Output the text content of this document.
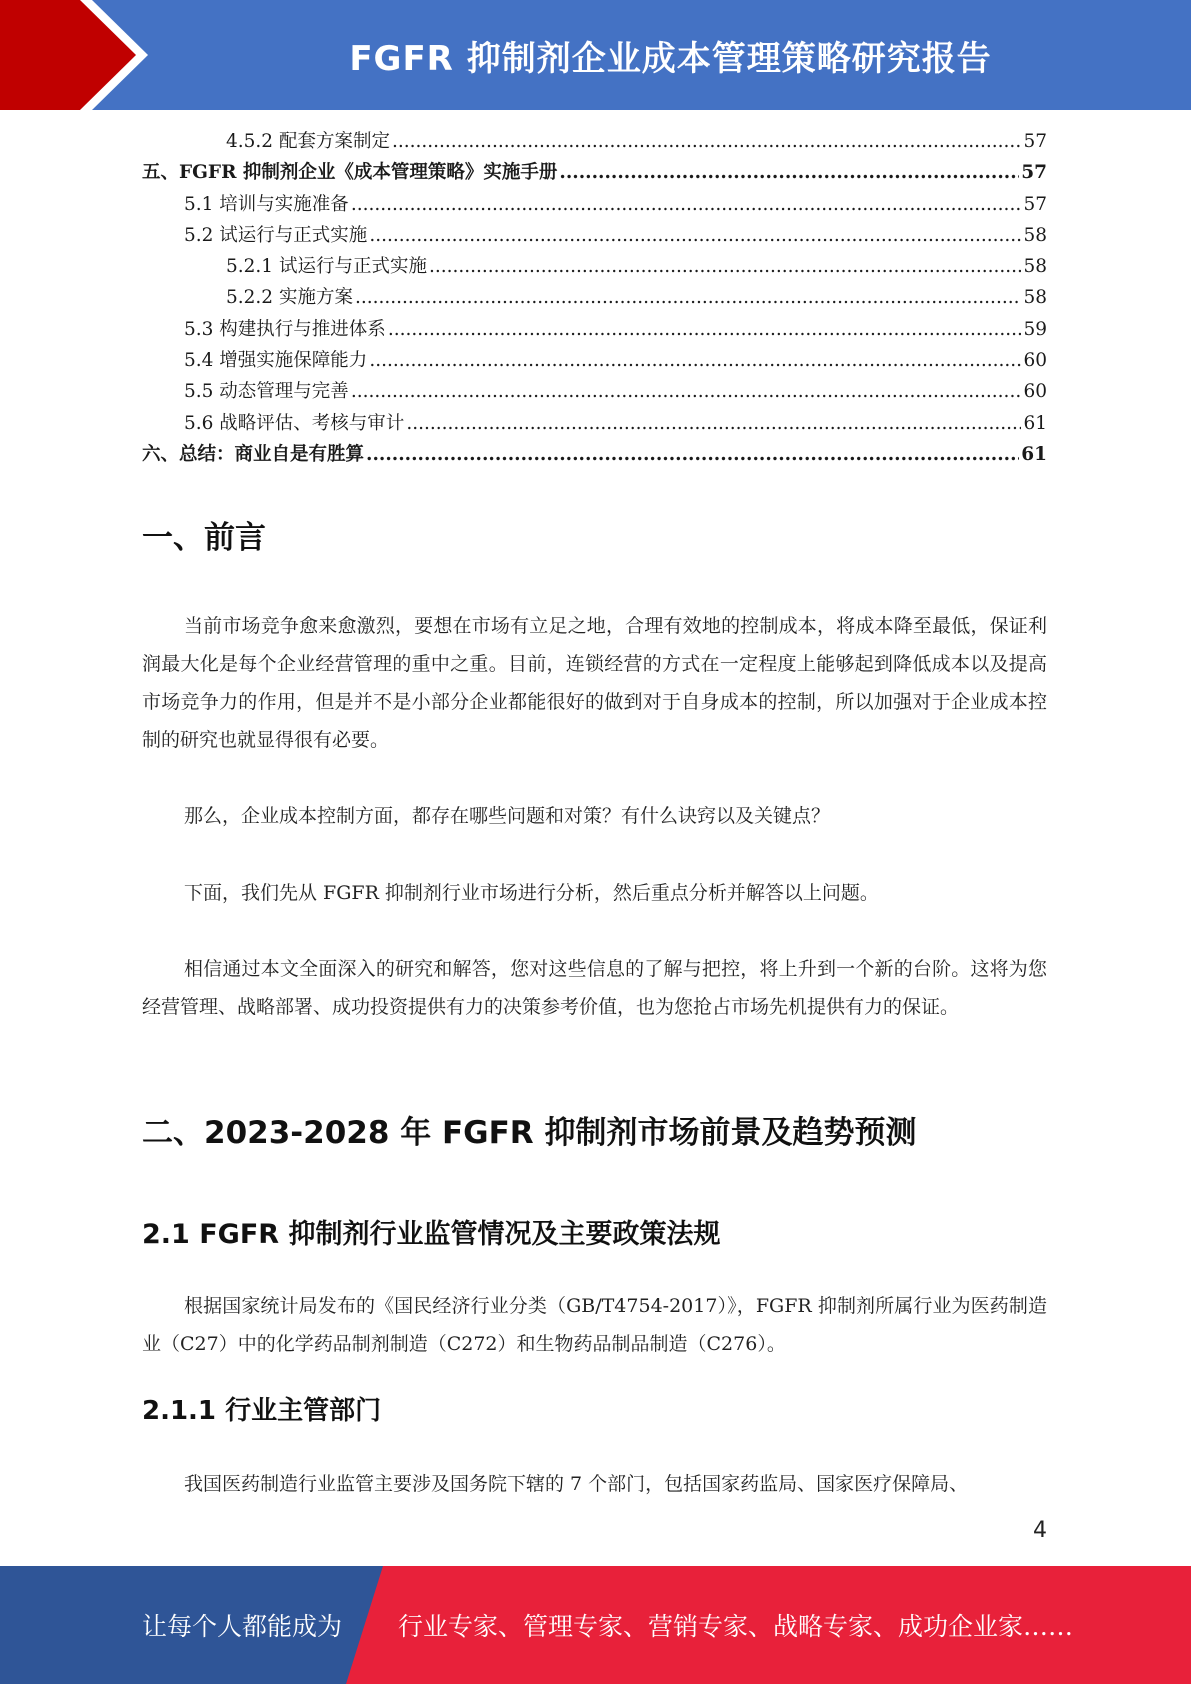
FGFR 抑制剂企业成本管理策略研究报告
4.5.2 配套方案制定 .....	57
五、FGFR 抑制剂企业《成本管理策略》实施手册 .....	57
5.1 培训与实施准备 .....	57
5.2 试运行与正式实施 .....	58
5.2.1 试运行与正式实施 .....	58
5.2.2 实施方案 .....	58
5.3 构建执行与推进体系 .....	59
5.4 增强实施保障能力 .....	60
5.5 动态管理与完善 .....	60
5.6 战略评估、考核与审计 .....	61
六、总结：商业自是有胜算 .....	61
一、前言

当前市场竞争愈来愈激烈，要想在市场有立足之地，合理有效地的控制成本，将成本降至最低，保证利润最大化是每个企业经营管理的重中之重。目前，连锁经营的方式在一定程度上能够起到降低成本以及提高市场竞争力的作用，但是并不是小部分企业都能很好的做到对于自身成本的控制，所以加强对于企业成本控制的研究也就显得很有必要。

那么，企业成本控制方面，都存在哪些问题和对策？有什么诀窍以及关键点？

下面，我们先从 FGFR 抑制剂行业市场进行分析，然后重点分析并解答以上问题。

相信通过本文全面深入的研究和解答，您对这些信息的了解与把控，将上升到一个新的台阶。这将为您经营管理、战略部署、成功投资提供有力的决策参考价值，也为您抢占市场先机提供有力的保证。

二、2023-2028 年 FGFR 抑制剂市场前景及趋势预测
2.1 FGFR 抑制剂行业监管情况及主要政策法规

根据国家统计局发布的《国民经济行业分类（GB/T4754-2017）》，FGFR 抑制剂所属行业为医药制造业（C27）中的化学药品制剂制造（C272）和生物药品制品制造（C276）。

2.1.1 行业主管部门

我国医药制造行业监管主要涉及国务院下辖的 7 个部门，包括国家药监局、国家医疗保障局、

4
让每个人都能成为 行业专家、管理专家、营销专家、战略专家、成功企业家……
